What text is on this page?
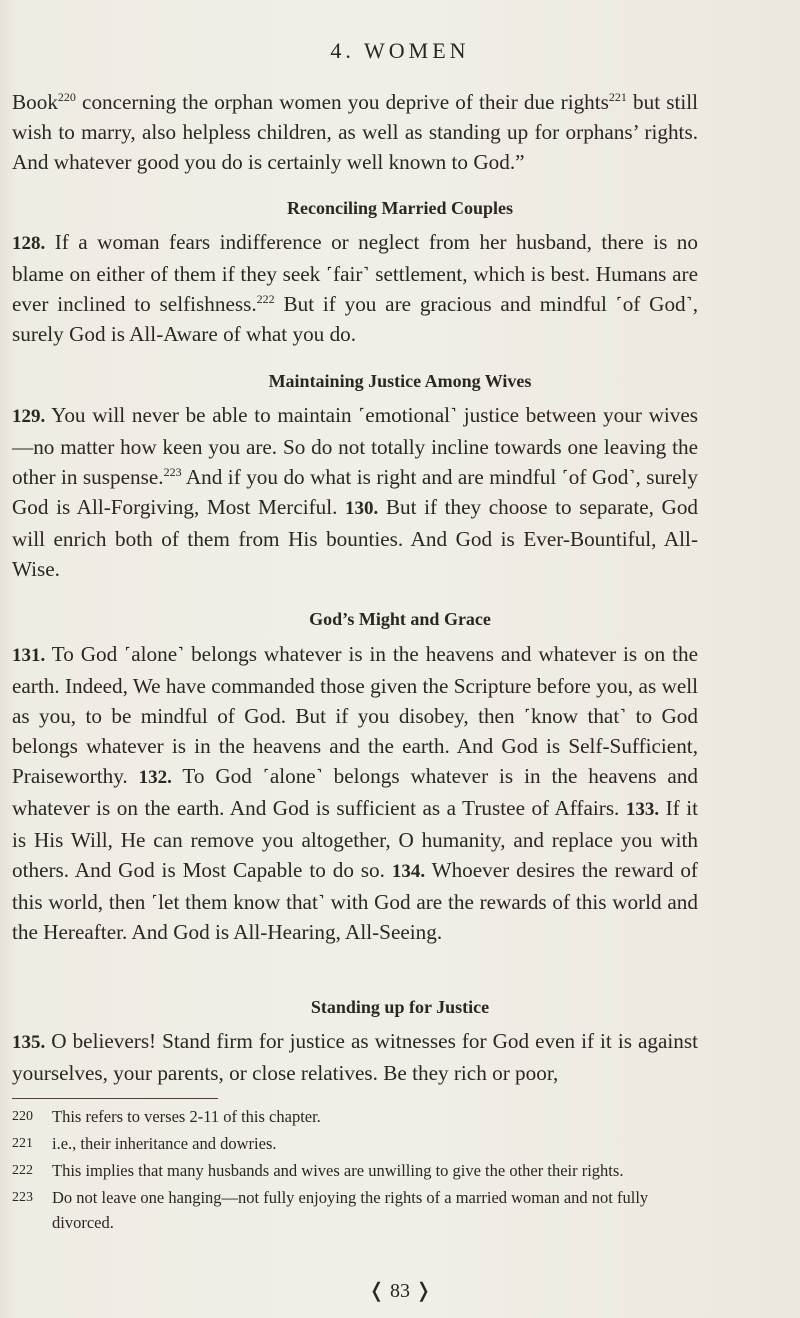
4. WOMEN

Book$^{220}$ concerning the orphan women you deprive of their due rights$^{221}$ but still wish to marry, also helpless children, as well as standing up for orphans’ rights. And whatever good you do is certainly well known to God.”

Reconciling Married Couples

128. If a woman fears indifference or neglect from her husband, there is no blame on either of them if they seek ˹fair˺ settlement, which is best. Humans are ever inclined to selfishness.$^{222}$ But if you are gracious and mindful ˹of God˺, surely God is All-Aware of what you do.

Maintaining Justice Among Wives

129. You will never be able to maintain ˹emotional˺ justice between your wives—no matter how keen you are. So do not totally incline towards one leaving the other in suspense.$^{223}$ And if you do what is right and are mindful ˹of God˺, surely God is All-Forgiving, Most Merciful. 130. But if they choose to separate, God will enrich both of them from His bounties. And God is Ever-Bountiful, All-Wise.

God’s Might and Grace

131. To God ˹alone˺ belongs whatever is in the heavens and whatever is on the earth. Indeed, We have commanded those given the Scripture before you, as well as you, to be mindful of God. But if you disobey, then ˹know that˺ to God belongs whatever is in the heavens and the earth. And God is Self-Sufficient, Praiseworthy. 132. To God ˹alone˺ belongs whatever is in the heavens and whatever is on the earth. And God is sufficient as a Trustee of Affairs. 133. If it is His Will, He can remove you altogether, O humanity, and replace you with others. And God is Most Capable to do so. 134. Whoever desires the reward of this world, then ˹let them know that˺ with God are the rewards of this world and the Hereafter. And God is All-Hearing, All-Seeing.

Standing up for Justice

135. O believers! Stand firm for justice as witnesses for God even if it is against yourselves, your parents, or close relatives. Be they rich or poor,

220	This refers to verses 2-11 of this chapter.
221	i.e., their inheritance and dowries.
222	This implies that many husbands and wives are unwilling to give the other their rights.
223	Do not leave one hanging—not fully enjoying the rights of a married woman and not fully divorced.
❬ 83 ❭
